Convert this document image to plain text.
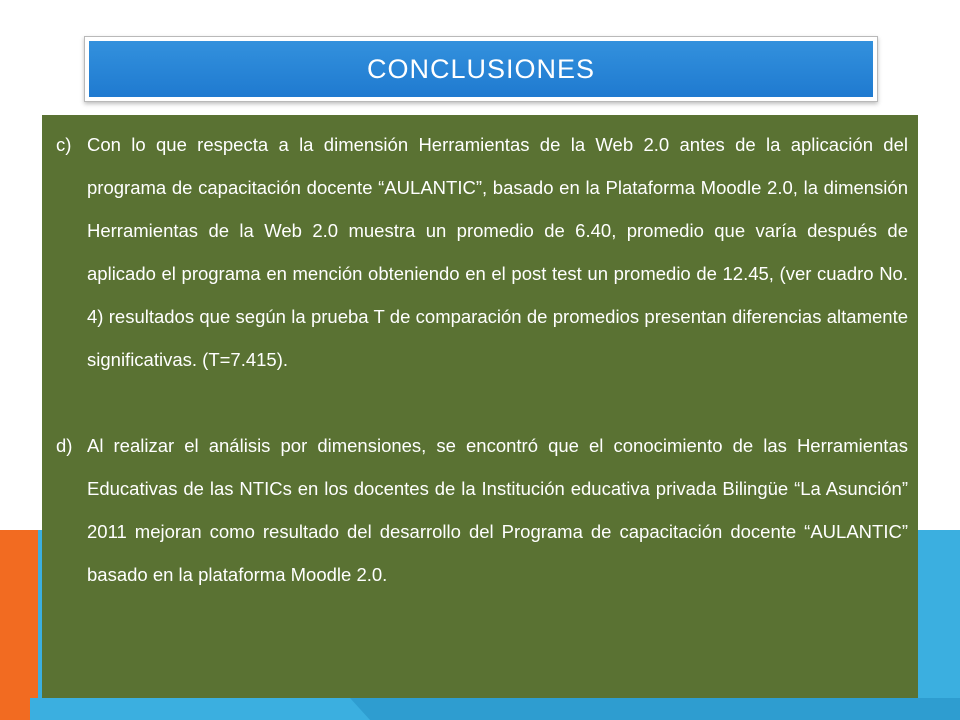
CONCLUSIONES
c) Con lo que respecta a la dimensión Herramientas de la Web 2.0 antes de la aplicación del programa de capacitación docente “AULANTIC”, basado en la Plataforma Moodle 2.0, la dimensión Herramientas de la Web 2.0 muestra un promedio de 6.40, promedio que varía después de aplicado el programa en mención obteniendo en el post test un promedio de 12.45, (ver cuadro No. 4) resultados que según la prueba T de comparación de promedios presentan diferencias altamente significativas. (T=7.415).
d) Al realizar el análisis por dimensiones, se encontró que el conocimiento de las Herramientas Educativas de las NTICs en los docentes de la Institución educativa privada Bilingüe “La Asunción” 2011 mejoran como resultado del desarrollo del Programa de capacitación docente “AULANTIC” basado en la plataforma Moodle 2.0.
